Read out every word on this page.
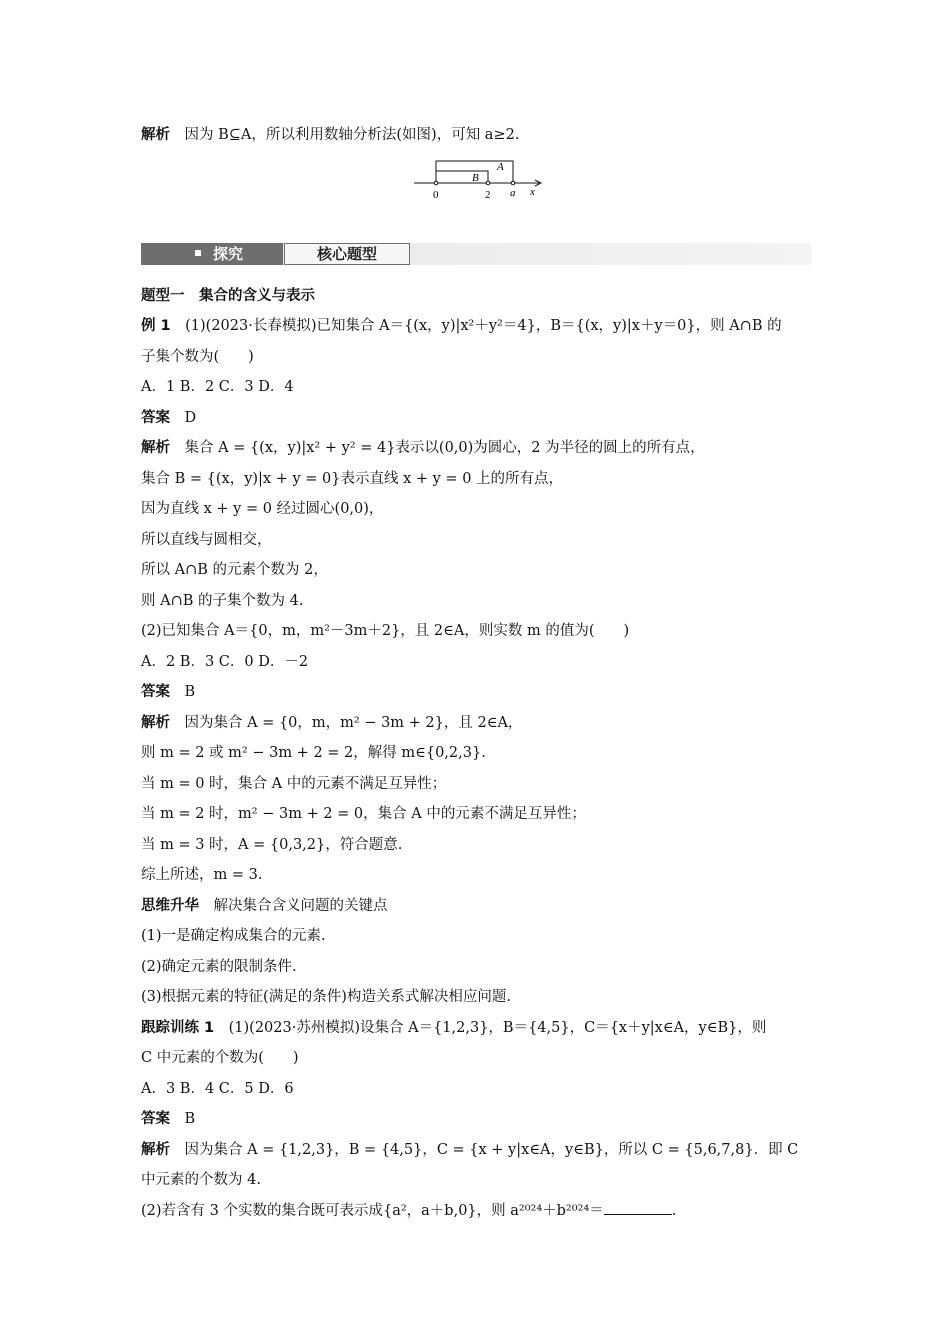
解析　因为 B⊆A，所以利用数轴分析法(如图)，可知 a≥2.
B
A
0	2 a x
探究	核心题型
题型一　集合的含义与表示
例 1　(1)(2023·长春模拟)已知集合 A＝{(x，y)|x²＋y²＝4}，B＝{(x，y)|x＋y＝0}，则 A∩B 的
子集个数为(　　)
A．1 B．2 C．3 D．4
答案　D
解析　集合 A = {(x，y)|x² + y² = 4}表示以(0,0)为圆心，2 为半径的圆上的所有点，
集合 B = {(x，y)|x + y = 0}表示直线 x + y = 0 上的所有点，
因为直线 x + y = 0 经过圆心(0,0)，
所以直线与圆相交，
所以 A∩B 的元素个数为 2，
则 A∩B 的子集个数为 4.
(2)已知集合 A＝{0，m，m²－3m＋2}，且 2∈A，则实数 m 的值为(　　)
A．2 B．3 C．0 D．－2
答案　B
解析　因为集合 A = {0，m，m² − 3m + 2}，且 2∈A，
则 m = 2 或 m² − 3m + 2 = 2，解得 m∈{0,2,3}.
当 m = 0 时，集合 A 中的元素不满足互异性；
当 m = 2 时，m² − 3m + 2 = 0，集合 A 中的元素不满足互异性；
当 m = 3 时，A = {0,3,2}，符合题意.
综上所述，m = 3.
思维升华　解决集合含义问题的关键点
(1)一是确定构成集合的元素.
(2)确定元素的限制条件.
(3)根据元素的特征(满足的条件)构造关系式解决相应问题.
跟踪训练 1　(1)(2023·苏州模拟)设集合 A＝{1,2,3}，B＝{4,5}，C＝{x＋y|x∈A，y∈B}，则
C 中元素的个数为(　　)
A．3 B．4 C．5 D．6
答案　B
解析　因为集合 A = {1,2,3}，B = {4,5}，C = {x + y|x∈A，y∈B}，所以 C = {5,6,7,8}．即 C
中元素的个数为 4.
(2)若含有 3 个实数的集合既可表示成{a²，a＋b,0}，则 a²⁰²⁴＋b²⁰²⁴＝	.
